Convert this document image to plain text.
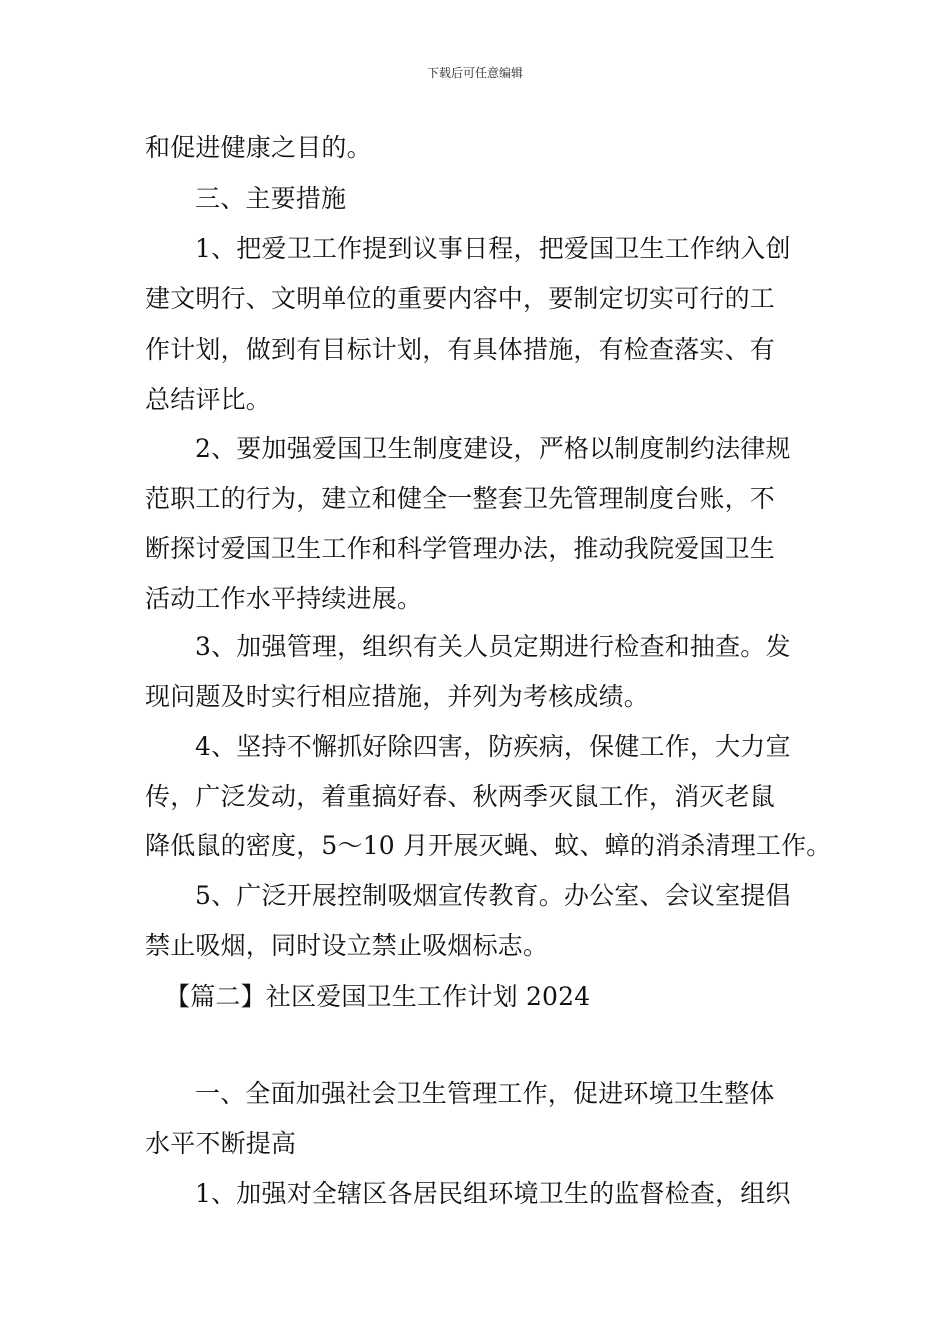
下载后可任意编辑
和促进健康之目的。
三、主要措施
1、把爱卫工作提到议事日程，把爱国卫生工作纳入创
建文明行、文明单位的重要内容中，要制定切实可行的工
作计划，做到有目标计划，有具体措施，有检查落实、有
总结评比。
2、要加强爱国卫生制度建设，严格以制度制约法律规
范职工的行为，建立和健全一整套卫先管理制度台账，不
断探讨爱国卫生工作和科学管理办法，推动我院爱国卫生
活动工作水平持续进展。
3、加强管理，组织有关人员定期进行检查和抽查。发
现问题及时实行相应措施，并列为考核成绩。
4、坚持不懈抓好除四害，防疾病，保健工作，大力宣
传，广泛发动，着重搞好春、秋两季灭鼠工作，消灭老鼠
降低鼠的密度，5～10 月开展灭蝇、蚊、蟑的消杀清理工作。
5、广泛开展控制吸烟宣传教育。办公室、会议室提倡
禁止吸烟，同时设立禁止吸烟标志。
【篇二】社区爱国卫生工作计划 2024
一、全面加强社会卫生管理工作，促进环境卫生整体
水平不断提高
1、加强对全辖区各居民组环境卫生的监督检查，组织
